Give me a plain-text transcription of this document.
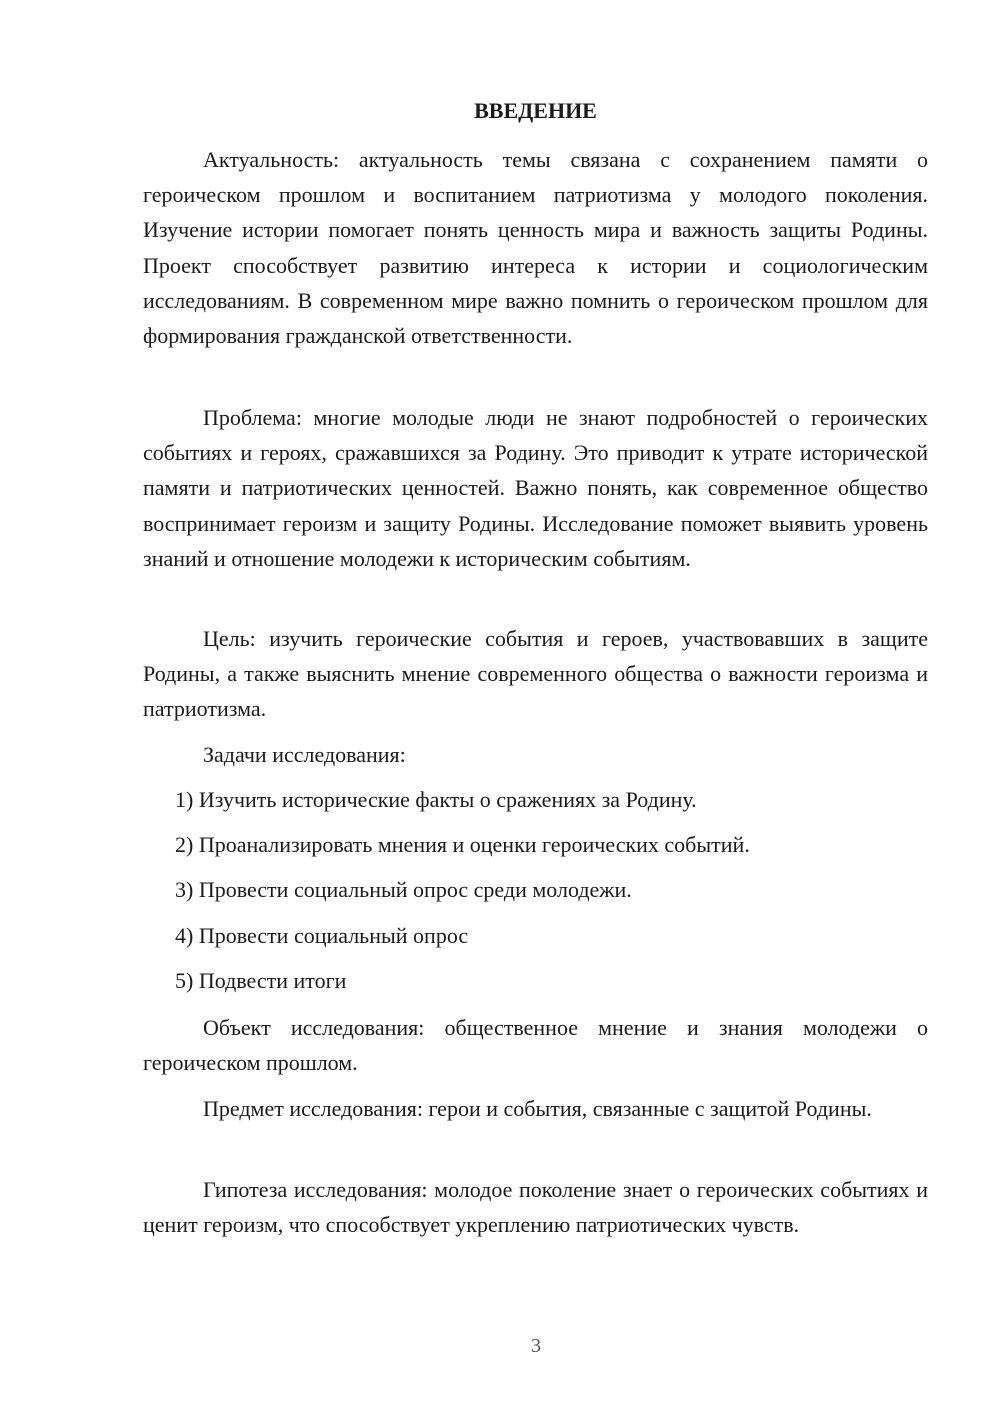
ВВЕДЕНИЕ

Актуальность: актуальность темы связана с сохранением памяти о героическом прошлом и воспитанием патриотизма у молодого поколения. Изучение истории помогает понять ценность мира и важность защиты Родины. Проект способствует развитию интереса к истории и социологическим исследованиям. В современном мире важно помнить о героическом прошлом для формирования гражданской ответственности.

Проблема: многие молодые люди не знают подробностей о героических событиях и героях, сражавшихся за Родину. Это приводит к утрате исторической памяти и патриотических ценностей. Важно понять, как современное общество воспринимает героизм и защиту Родины. Исследование поможет выявить уровень знаний и отношение молодежи к историческим событиям.

Цель: изучить героические события и героев, участвовавших в защите Родины, а также выяснить мнение современного общества о важности героизма и патриотизма.

Задачи исследования:

1) Изучить исторические факты о сражениях за Родину.

2) Проанализировать мнения и оценки героических событий.

3) Провести социальный опрос среди молодежи.

4) Провести социальный опрос

5) Подвести итоги

Объект исследования: общественное мнение и знания молодежи о героическом прошлом.

Предмет исследования: герои и события, связанные с защитой Родины.

Гипотеза исследования: молодое поколение знает о героических событиях и ценит героизм, что способствует укреплению патриотических чувств.

3
